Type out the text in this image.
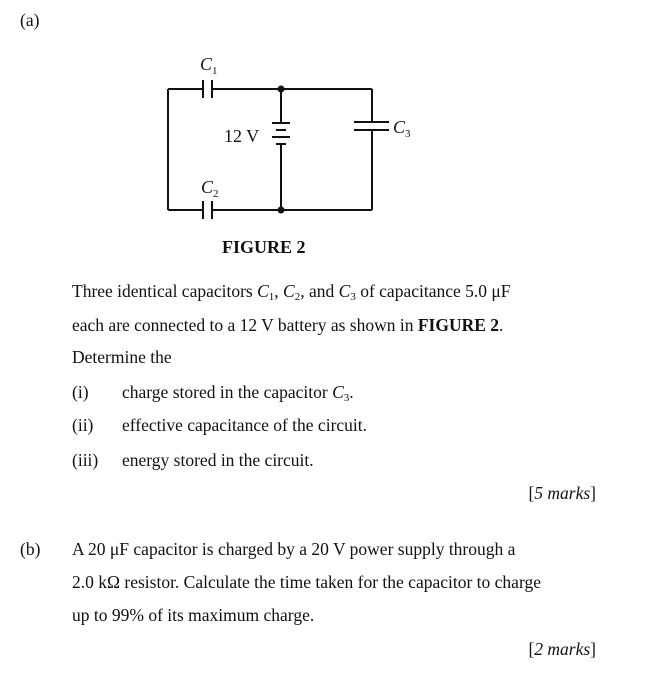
(a)
$C_1$
$C_2$
$C_3$
12 V
FIGURE 2
Three identical capacitors $C_1$, $C_2$, and $C_3$ of capacitance 5.0 μF
each are connected to a 12 V battery as shown in FIGURE 2.
Determine the
(i) charge stored in the capacitor $C_3$.
(ii) effective capacitance of the circuit.
(iii) energy stored in the circuit.
[5 marks]
(b) A 20 μF capacitor is charged by a 20 V power supply through a
2.0 kΩ resistor. Calculate the time taken for the capacitor to charge
up to 99% of its maximum charge.
[2 marks]
